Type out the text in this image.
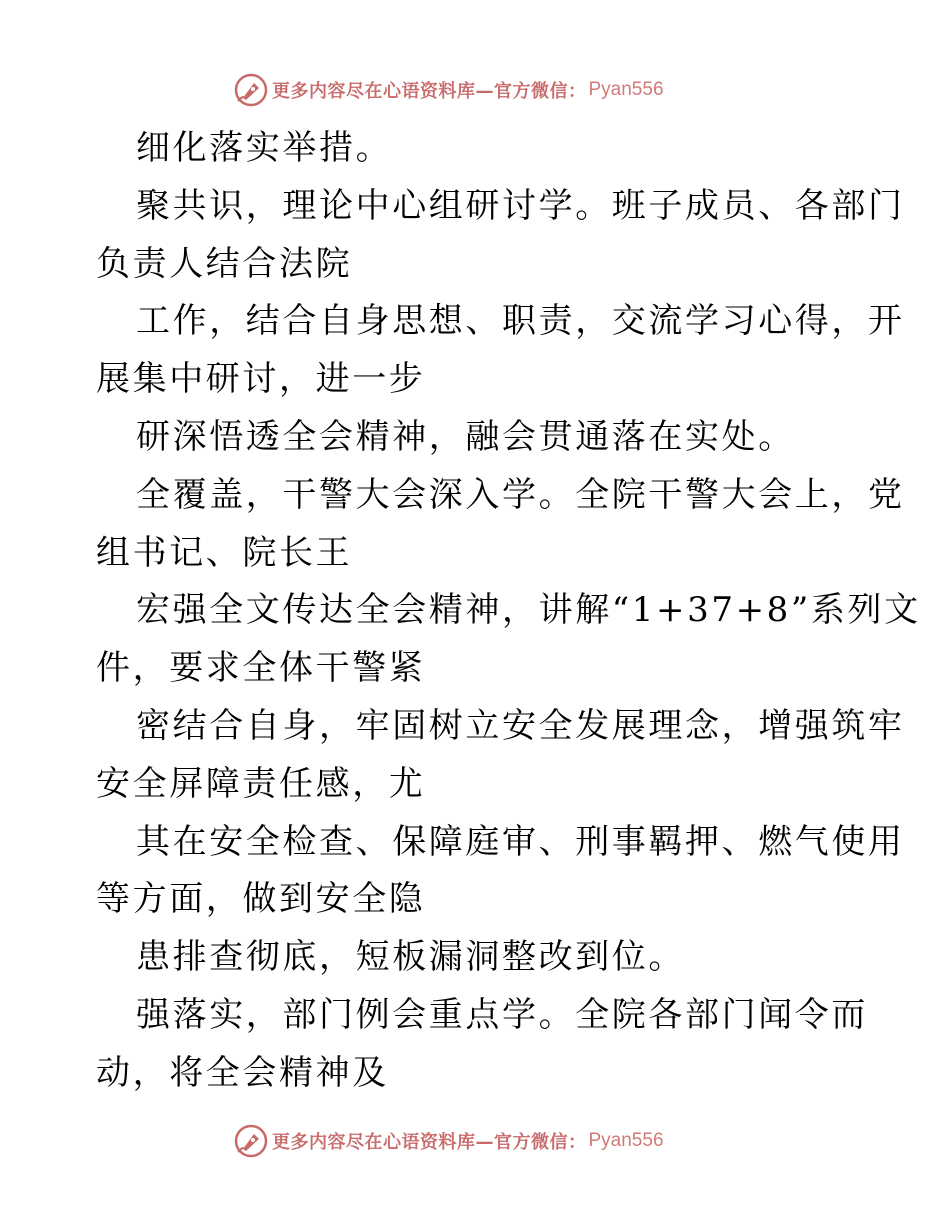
更多内容尽在心语资料库—官方微信： Pyan556
细化落实举措。
聚共识，理论中心组研讨学。班子成员、各部门
负责人结合法院
工作，结合自身思想、职责，交流学习心得，开
展集中研讨，进一步
研深悟透全会精神，融会贯通落在实处。
全覆盖，干警大会深入学。全院干警大会上，党
组书记、院长王
宏强全文传达全会精神，讲解“1+37+8”系列文
件，要求全体干警紧
密结合自身，牢固树立安全发展理念，增强筑牢
安全屏障责任感，尤
其在安全检查、保障庭审、刑事羁押、燃气使用
等方面，做到安全隐
患排查彻底，短板漏洞整改到位。
强落实，部门例会重点学。全院各部门闻令而
动，将全会精神及
更多内容尽在心语资料库—官方微信： Pyan556
